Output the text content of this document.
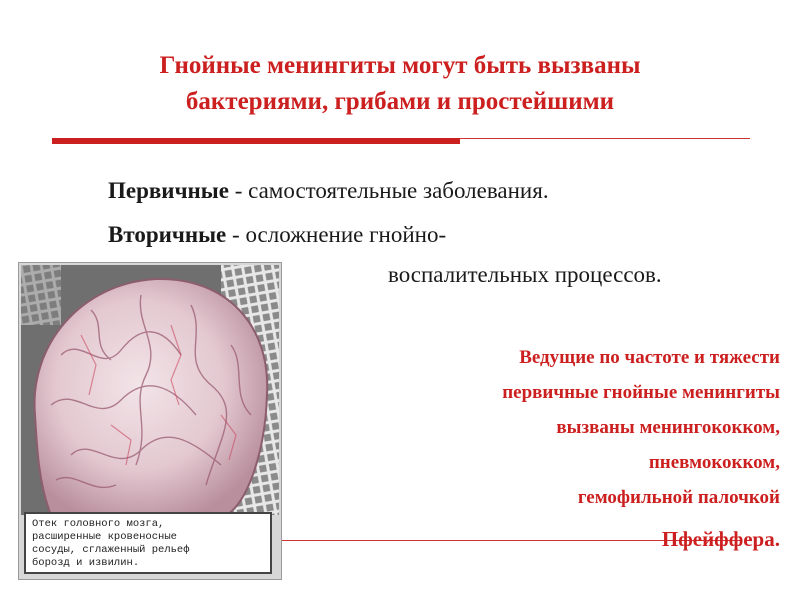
Гнойные менингиты могут быть вызваны
бактериями, грибами и простейшими
Первичные - самостоятельные заболевания.
Вторичные - осложнение гнойно-
воспалительных процессов.
Отек головного мозга,
расширенные кровеносные
сосуды, сглаженный рельеф
борозд и извилин.
Ведущие по частоте и тяжести
первичные гнойные менингиты
вызваны менингококком,
пневмококком,
гемофильной палочкой
Пфейффера.
